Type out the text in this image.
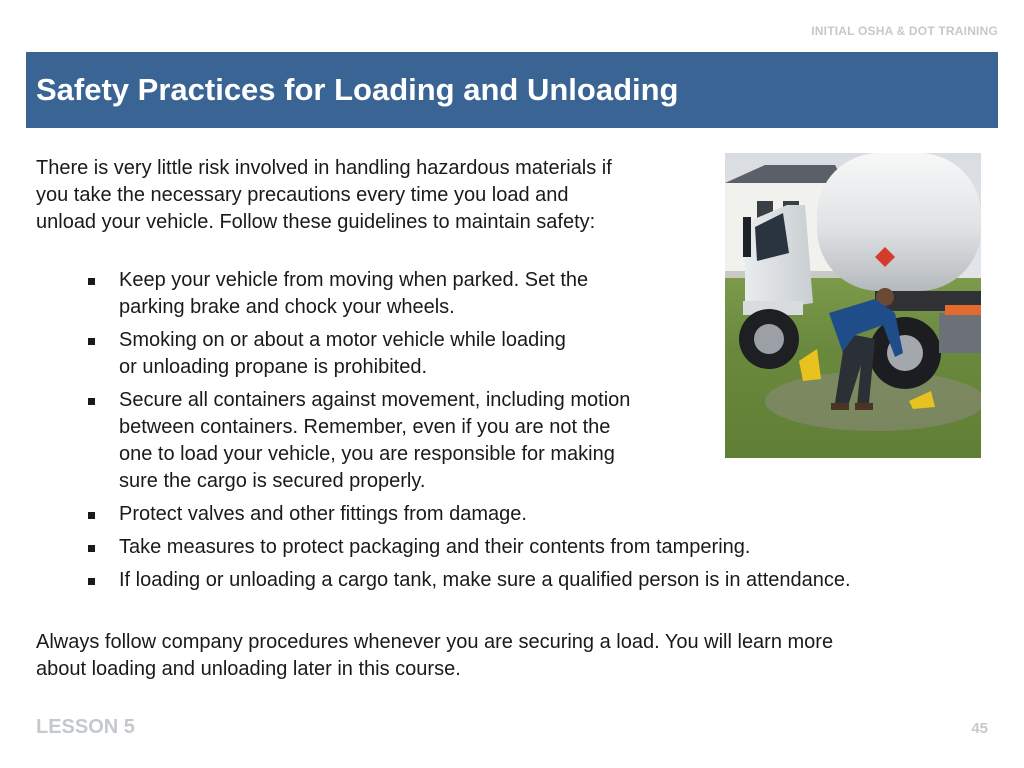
INITIAL OSHA & DOT TRAINING
Safety Practices for Loading and Unloading

There is very little risk involved in handling hazardous materials if
you take the necessary precautions every time you load and
unload your vehicle. Follow these guidelines to maintain safety:

Keep your vehicle from moving when parked. Set the
parking brake and chock your wheels.
Smoking on or about a motor vehicle while loading
or unloading propane is prohibited.
Secure all containers against movement, including motion
between containers. Remember, even if you are not the
one to load your vehicle, you are responsible for making
sure the cargo is secured properly.
Protect valves and other fittings from damage.
Take measures to protect packaging and their contents from tampering.
If loading or unloading a cargo tank, make sure a qualified person is in attendance.

Always follow company procedures whenever you are securing a load. You will learn more
about loading and unloading later in this course.

LESSON 5	45
